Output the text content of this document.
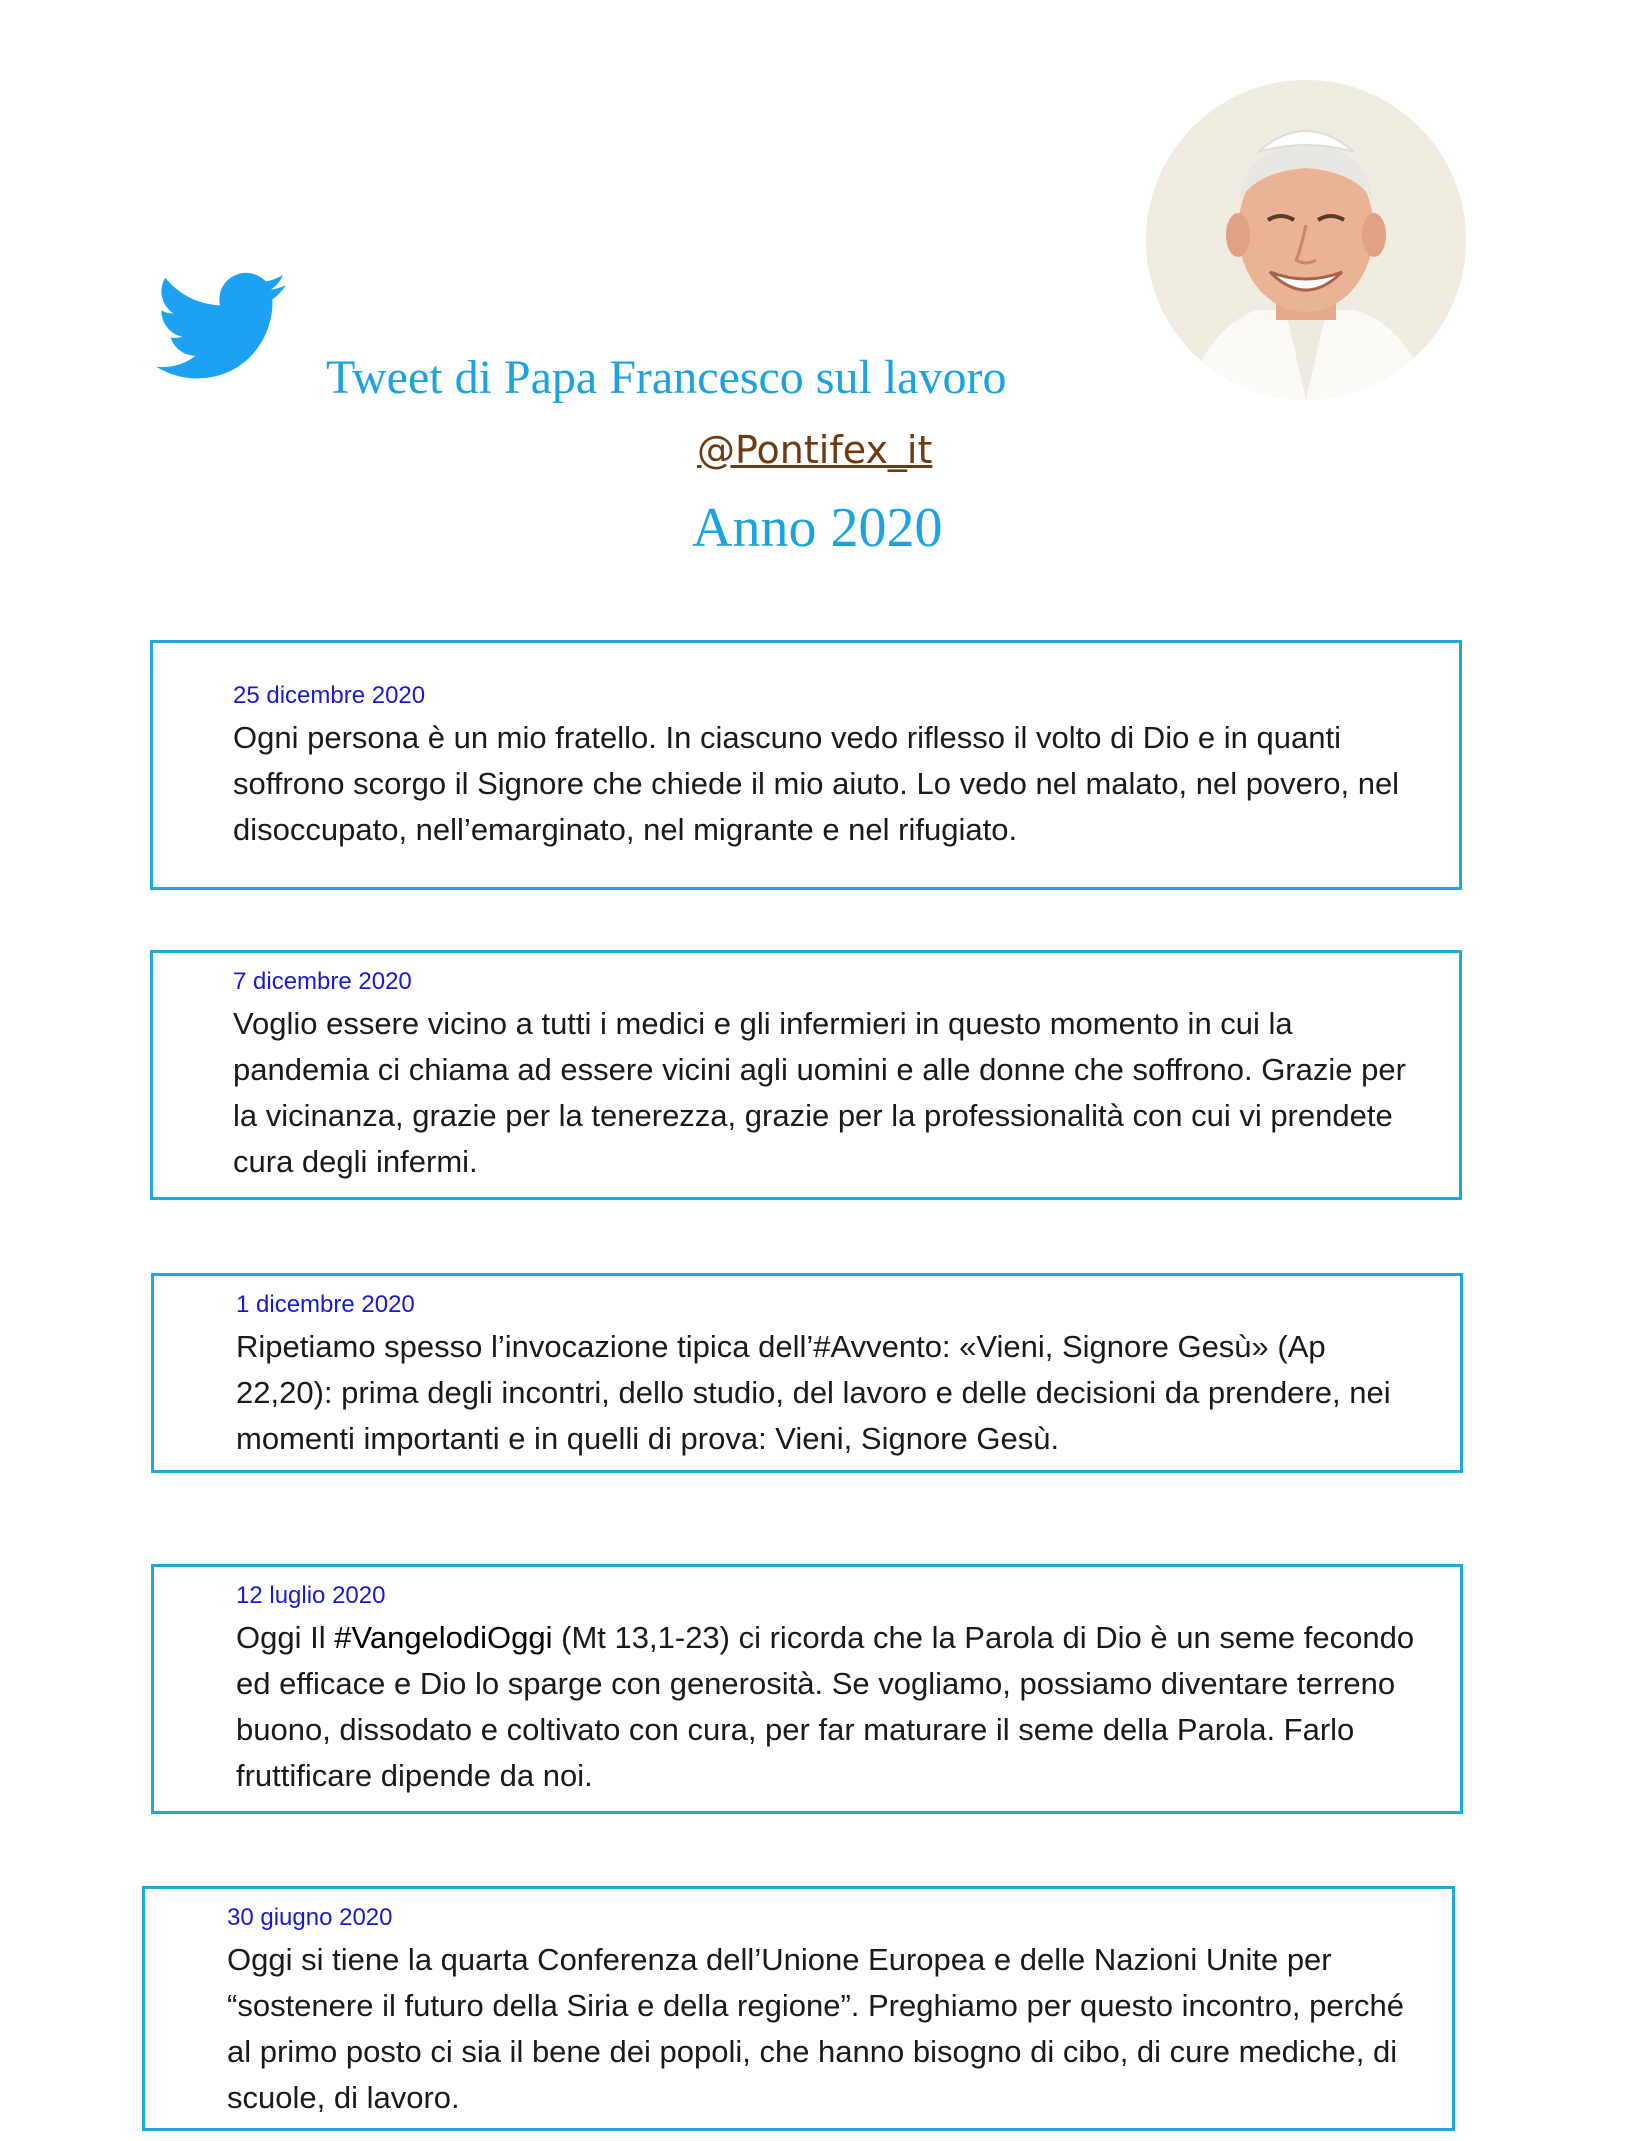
Tweet di Papa Francesco sul lavoro
@Pontifex_it
Anno 2020
25 dicembre 2020
Ogni persona è un mio fratello. In ciascuno vedo riflesso il volto di Dio e in quanti soffrono scorgo il Signore che chiede il mio aiuto. Lo vedo nel malato, nel povero, nel disoccupato, nell’emarginato, nel migrante e nel rifugiato.
7 dicembre 2020
Voglio essere vicino a tutti i medici e gli infermieri in questo momento in cui la pandemia ci chiama ad essere vicini agli uomini e alle donne che soffrono. Grazie per la vicinanza, grazie per la tenerezza, grazie per la professionalità con cui vi prendete cura degli infermi.
1 dicembre 2020
Ripetiamo spesso l’invocazione tipica dell’#Avvento: «Vieni, Signore Gesù» (Ap 22,20): prima degli incontri, dello studio, del lavoro e delle decisioni da prendere, nei momenti importanti e in quelli di prova: Vieni, Signore Gesù.
12 luglio 2020
Oggi Il #VangelodiOggi (Mt 13,1-23) ci ricorda che la Parola di Dio è un seme fecondo ed efficace e Dio lo sparge con generosità. Se vogliamo, possiamo diventare terreno buono, dissodato e coltivato con cura, per far maturare il seme della Parola. Farlo fruttificare dipende da noi.
30 giugno 2020
Oggi si tiene la quarta Conferenza dell’Unione Europea e delle Nazioni Unite per “sostenere il futuro della Siria e della regione”. Preghiamo per questo incontro, perché al primo posto ci sia il bene dei popoli, che hanno bisogno di cibo, di cure mediche, di scuole, di lavoro.
